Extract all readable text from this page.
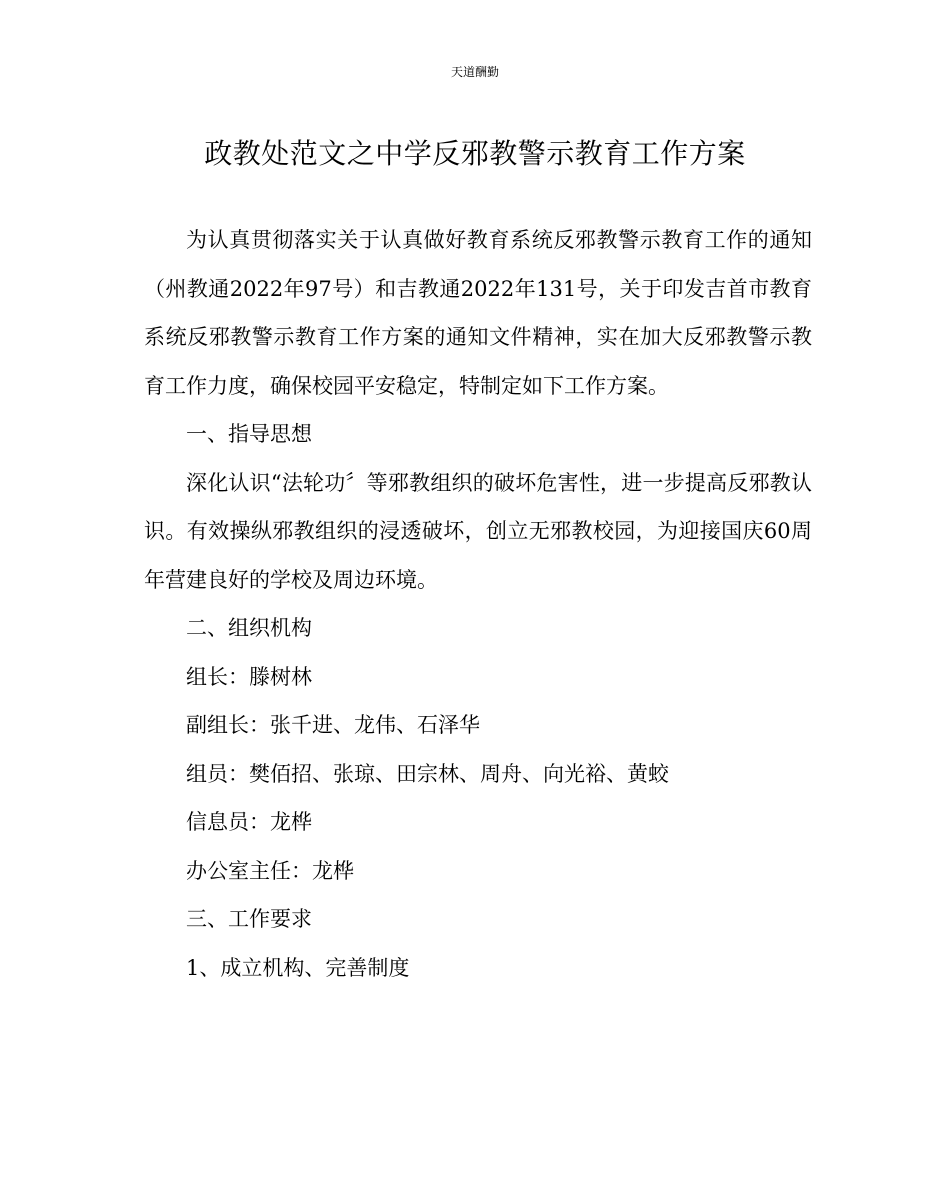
天道酬勤
政教处范文之中学反邪教警示教育工作方案

为认真贯彻落实关于认真做好教育系统反邪教警示教育工作的通知（州教通2022年97号）和吉教通2022年131号，关于印发吉首市教育系统反邪教警示教育工作方案的通知文件精神，实在加大反邪教警示教育工作力度，确保校园平安稳定，特制定如下工作方案。

一、指导思想

深化认识“法轮功〞等邪教组织的破坏危害性，进一步提高反邪教认识。有效操纵邪教组织的浸透破坏，创立无邪教校园，为迎接国庆60周年营建良好的学校及周边环境。

二、组织机构

组长：滕树林

副组长：张千进、龙伟、石泽华

组员：樊佰招、张琼、田宗林、周舟、向光裕、黄蛟

信息员：龙桦

办公室主任：龙桦

三、工作要求

1、成立机构、完善制度
